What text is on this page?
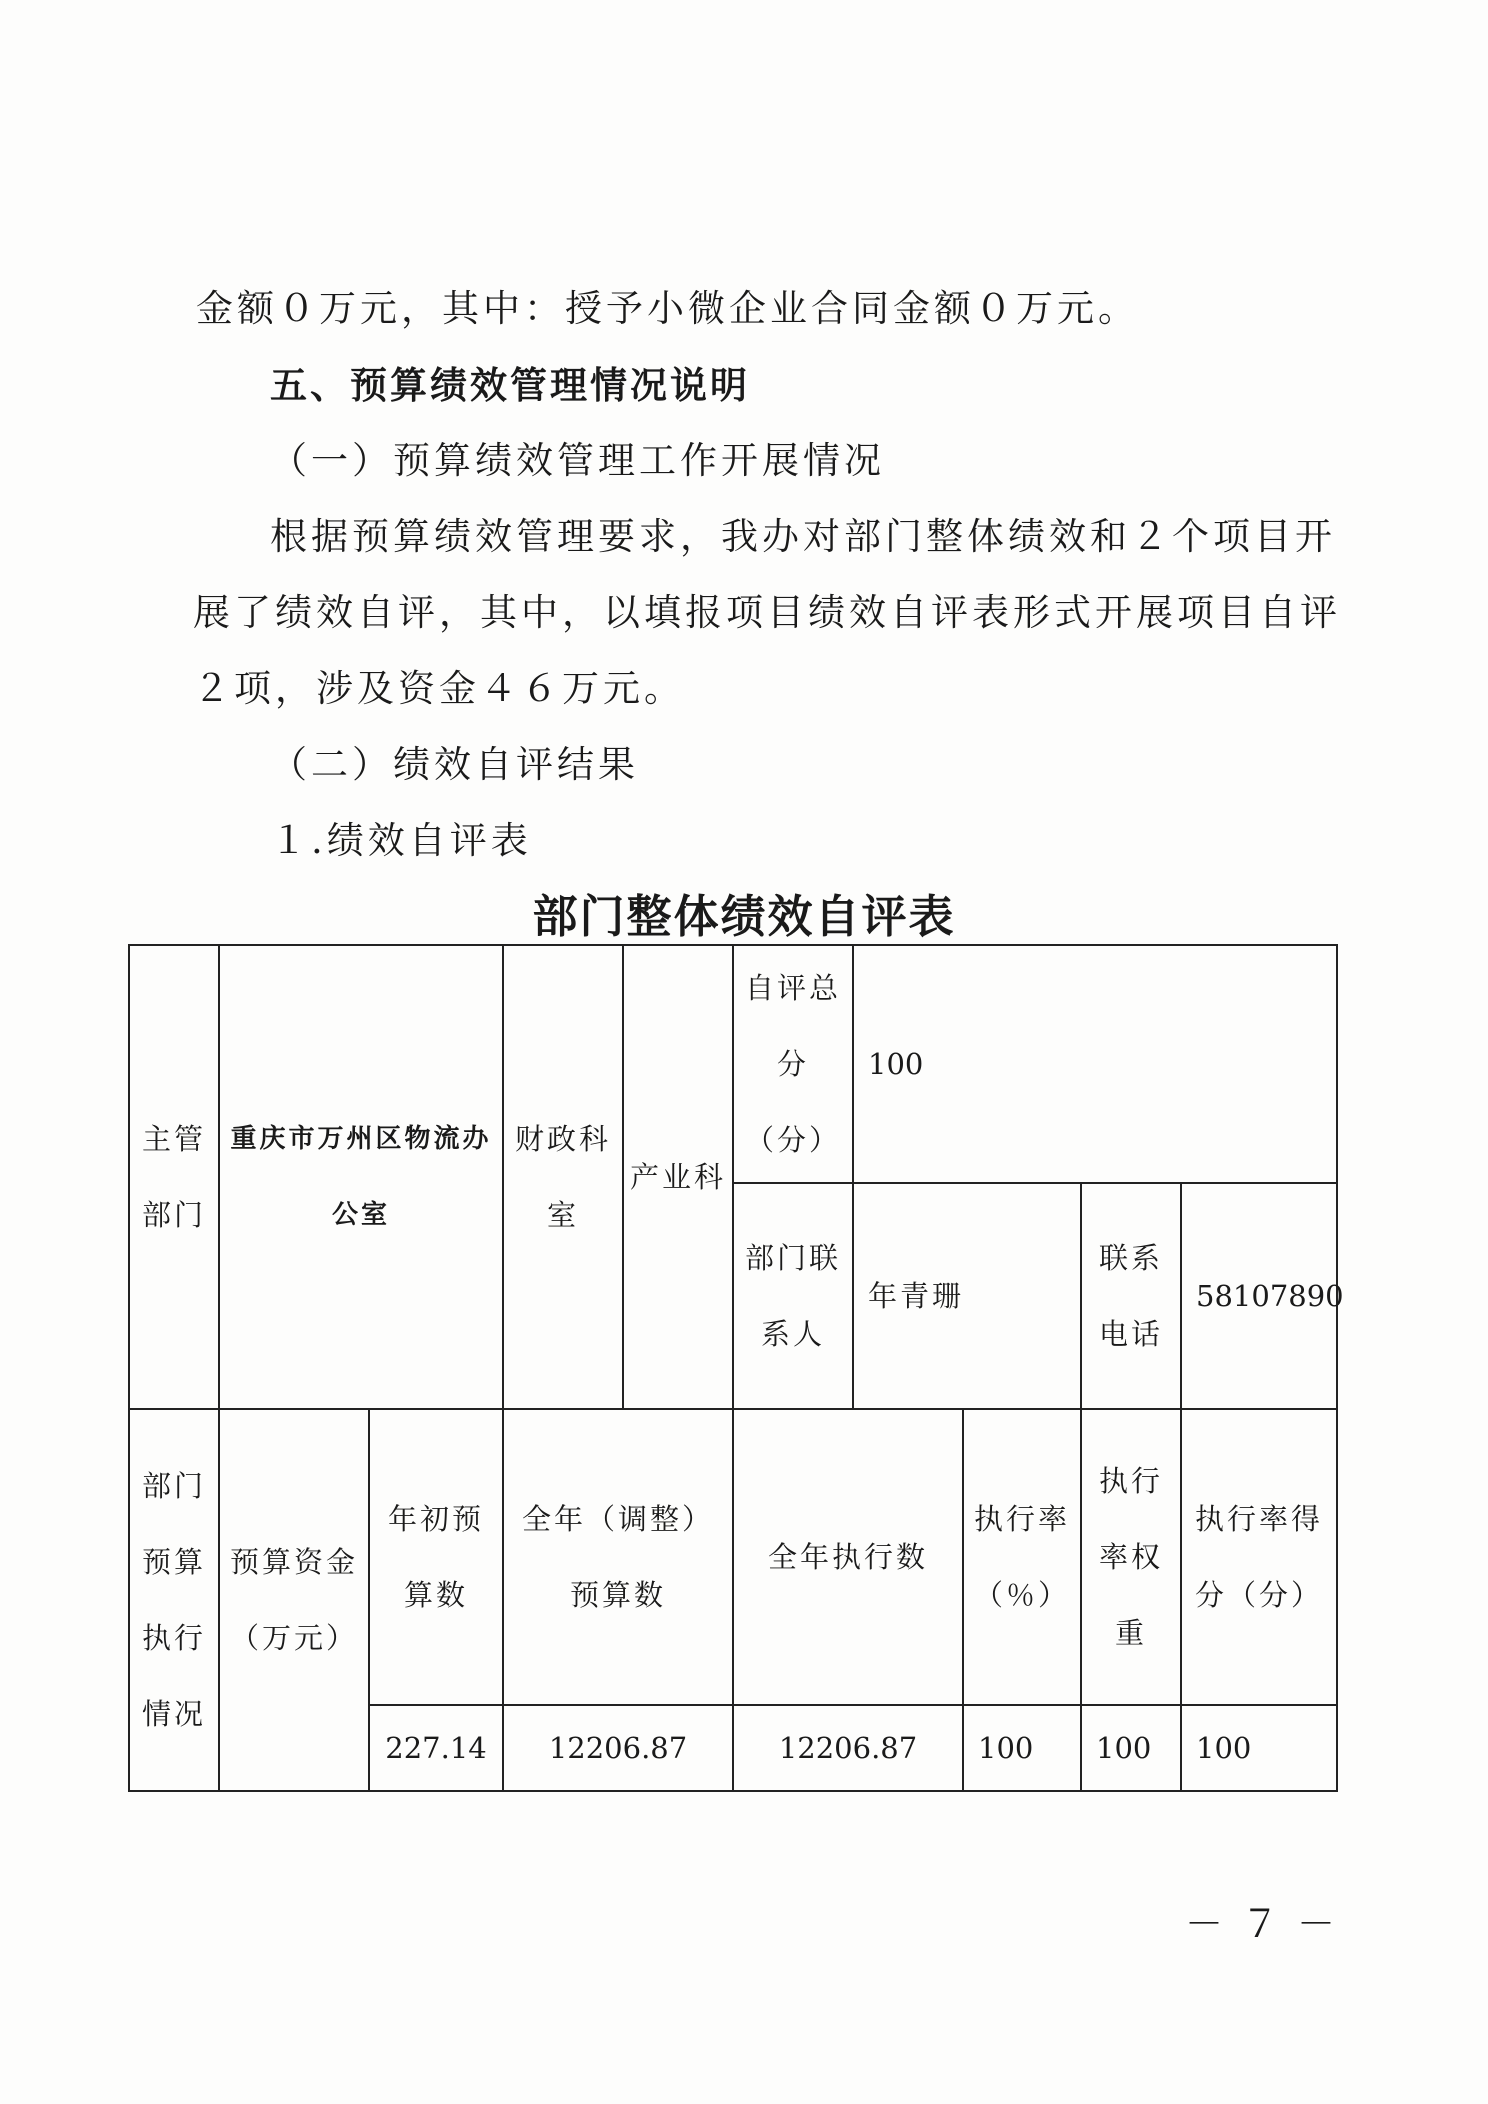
金额０万元，其中：授予小微企业合同金额０万元。
五、预算绩效管理情况说明
（一）预算绩效管理工作开展情况
根据预算绩效管理要求，我办对部门整体绩效和２个项目开
展了绩效自评，其中，以填报项目绩效自评表形式开展项目自评
２项，涉及资金４６万元。
（二）绩效自评结果
１.绩效自评表
部门整体绩效自评表
主管部门	重庆市万州区物流办公室		财政科室	产业科	自评总分（分）	100			
					部门联系人	年青珊		联系电话	58107890
部门预算执行情况	预算资金（万元）	年初预算数	全年（调整）预算数		全年执行数		执行率（％）	执行率权重	执行率得分（分）
		227.14	12206.87		12206.87		100	100	100
－７－
